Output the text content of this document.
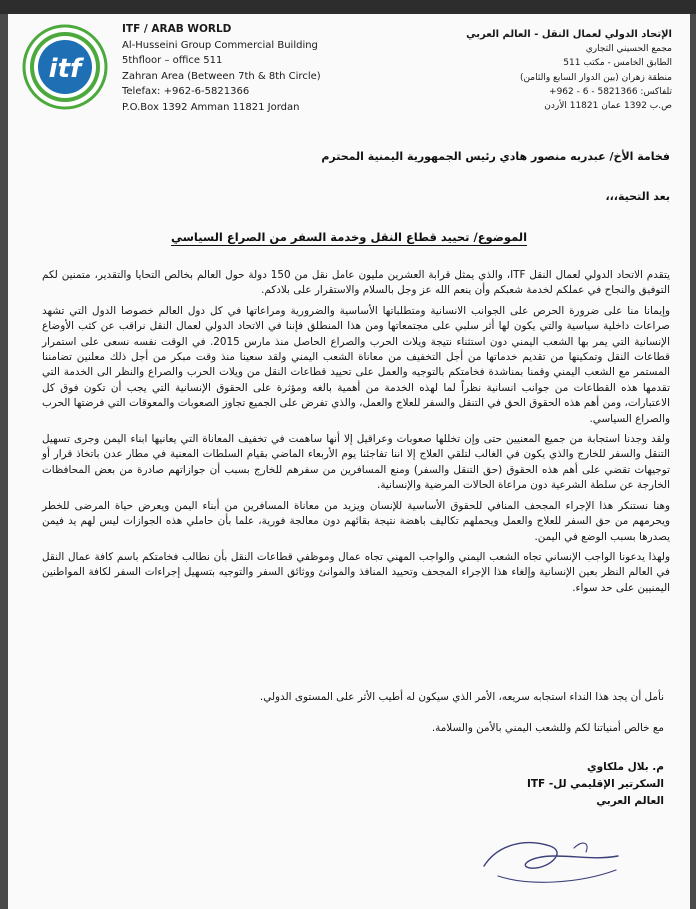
itf
ITF / ARAB WORLD
Al-Husseini Group Commercial Building
5thfloor – office 511
Zahran Area (Between 7th & 8th Circle)
Telefax: +962-6-5821366
P.O.Box 1392 Amman 11821 Jordan
الإتحاد الدولي لعمال النقل - العالم العربي
مجمع الحسيني التجاري
الطابق الخامس - مكتب 511
منطقة زهران (بين الدوار السابع والثامن)
تلفاكس: 5821366 - 6 - 962+
ص.ب 1392 عمان 11821 الأردن
فخامة الأخ/ عبدربه منصور هادي رئيس الجمهورية اليمنية المحترم
بعد التحية،،،
الموضوع/ تحييد قطاع النقل وخدمة السفر من الصراع السياسي

يتقدم الاتحاد الدولي لعمال النقل ITF، والذي يمثل قرابة العشرين مليون عامل نقل من 150 دولة حول العالم بخالص التحايا والتقدير، متمنين لكم التوفيق والنجاح في عملكم لخدمة شعبكم وأن ينعم الله عز وجل بالسلام والاستقرار على بلادكم.

وإيمانا منا على ضرورة الحرص على الجوانب الانسانية ومتطلباتها الأساسية والضرورية ومراعاتها في كل دول العالم خصوصا الدول التي تشهد صراعات داخلية سياسية والتي يكون لها أثر سلبي على مجتمعاتها ومن هذا المنطلق فإننا في الاتحاد الدولي لعمال النقل نراقب عن كثب الأوضاع الإنسانية التي يمر بها الشعب اليمني دون استثناء نتيجة ويلات الحرب والصراع الحاصل منذ مارس 2015. في الوقت نفسه نسعى على استمرار قطاعات النقل وتمكينها من تقديم خدماتها من أجل التخفيف من معاناة الشعب اليمني ولقد سعينا منذ وقت مبكر من أجل ذلك معلنين تضامننا المستمر مع الشعب اليمني وقمنا بمناشدة فخامتكم بالتوجيه والعمل على تحييد قطاعات النقل من ويلات الحرب والصراع والنظر الى الخدمة التي تقدمها هذه القطاعات من جوانب انسانية نظراً لما لهذه الخدمة من أهمية بالغه ومؤثرة على الحقوق الإنسانية التي يجب أن تكون فوق كل الاعتبارات، ومن أهم هذه الحقوق الحق في التنقل والسفر للعلاج والعمل، والذي تفرض على الجميع تجاوز الصعوبات والمعوقات التي فرضتها الحرب والصراع السياسي.

ولقد وجدنا استجابة من جميع المعنيين حتى وإن تخللها صعوبات وعراقيل إلا أنها ساهمت في تخفيف المعاناة التي يعانيها ابناء اليمن وجرى تسهيل التنقل والسفر للخارج والذي يكون في الغالب لتلقي العلاج إلا اننا تفاجئنا يوم الأربعاء الماضي بقيام السلطات المعنية في مطار عدن باتخاذ قرار أو توجيهات تقضي على أهم هذه الحقوق (حق التنقل والسفر) ومنع المسافرين من سفرهم للخارج بسبب أن جوازاتهم صادرة من بعض المحافظات الخارجة عن سلطة الشرعية دون مراعاة الحالات المرضية والإنسانية.

وهنا نستنكر هذا الإجراء المجحف المنافي للحقوق الأساسية للإنسان ويزيد من معاناة المسافرين من أبناء اليمن ويعرض حياة المرضى للخطر ويحرمهم من حق السفر للعلاج والعمل ويحملهم تكاليف باهضة نتيجة بقائهم دون معالجة فورية، علما بأن حاملي هذه الجوازات ليس لهم يد فيمن يصدرها بسبب الوضع في اليمن.

ولهذا يدعونا الواجب الإنساني تجاه الشعب اليمني والواجب المهني تجاه عمال وموظفي قطاعات النقل بأن نطالب فخامتكم باسم كافة عمال النقل في العالم النظر بعين الإنسانية وإلغاء هذا الإجراء المجحف وتحييد المنافذ والموانئ ووثائق السفر والتوجيه بتسهيل إجراءات السفر لكافة المواطنين اليمنيين على حد سواء.

نأمل أن يجد هذا النداء استجابه سريعه، الأمر الذي سيكون له أطيب الأثر على المستوى الدولي.

مع خالص أمنياتنا لكم وللشعب اليمني بالأمن والسلامة.

م. بلال ملكاوي
السكرتير الإقليمي لل- ITF
العالم العربي
